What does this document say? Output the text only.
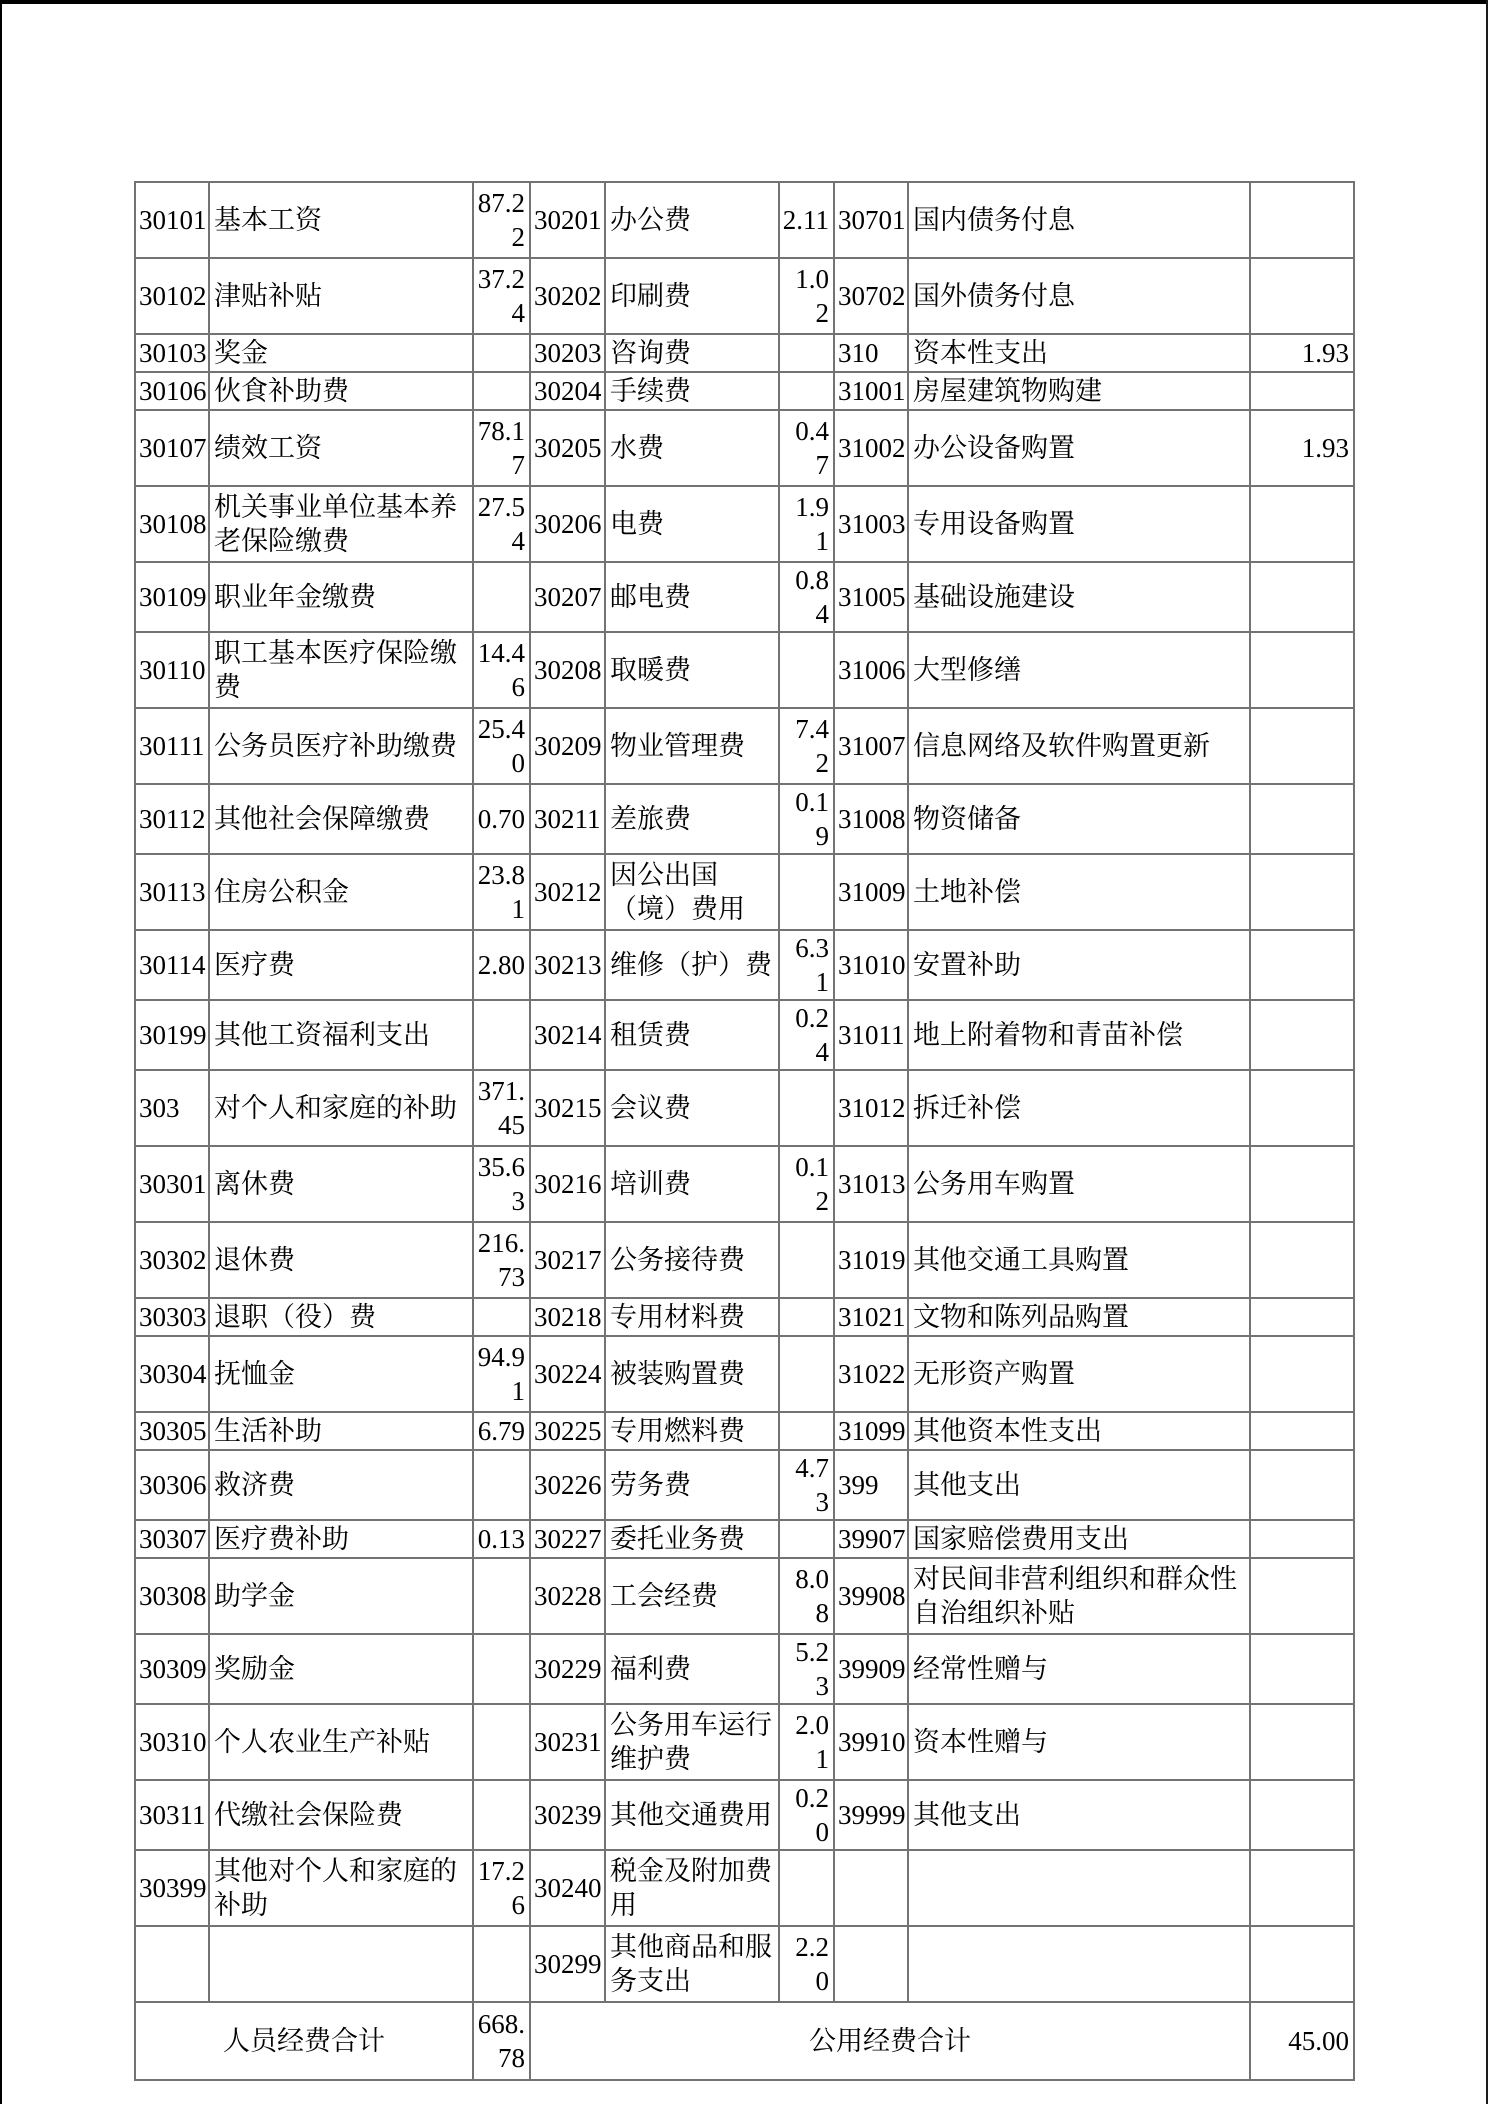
30101	基本工资	87.22	30201	办公费	2.11	30701	国内债务付息	
30102	津贴补贴	37.24	30202	印刷费	1.02	30702	国外债务付息	
30103	奖金		30203	咨询费		310	资本性支出	1.93
30106	伙食补助费		30204	手续费		31001	房屋建筑物购建	
30107	绩效工资	78.17	30205	水费	0.47	31002	办公设备购置	1.93
30108	机关事业单位基本养老保险缴费	27.54	30206	电费	1.91	31003	专用设备购置	
30109	职业年金缴费		30207	邮电费	0.84	31005	基础设施建设	
30110	职工基本医疗保险缴费	14.46	30208	取暖费		31006	大型修缮	
30111	公务员医疗补助缴费	25.40	30209	物业管理费	7.42	31007	信息网络及软件购置更新	
30112	其他社会保障缴费	0.70	30211	差旅费	0.19	31008	物资储备	
30113	住房公积金	23.81	30212	因公出国（境）费用		31009	土地补偿	
30114	医疗费	2.80	30213	维修（护）费	6.31	31010	安置补助	
30199	其他工资福利支出		30214	租赁费	0.24	31011	地上附着物和青苗补偿	
303	对个人和家庭的补助	371.45	30215	会议费		31012	拆迁补偿	
30301	离休费	35.63	30216	培训费	0.12	31013	公务用车购置	
30302	退休费	216.73	30217	公务接待费		31019	其他交通工具购置	
30303	退职（役）费		30218	专用材料费		31021	文物和陈列品购置	
30304	抚恤金	94.91	30224	被装购置费		31022	无形资产购置	
30305	生活补助	6.79	30225	专用燃料费		31099	其他资本性支出	
30306	救济费		30226	劳务费	4.73	399	其他支出	
30307	医疗费补助	0.13	30227	委托业务费		39907	国家赔偿费用支出	
30308	助学金		30228	工会经费	8.08	39908	对民间非营利组织和群众性自治组织补贴	
30309	奖励金		30229	福利费	5.23	39909	经常性赠与	
30310	个人农业生产补贴		30231	公务用车运行维护费	2.01	39910	资本性赠与	
30311	代缴社会保险费		30239	其他交通费用	0.20	39999	其他支出	
30399	其他对个人和家庭的补助	17.26	30240	税金及附加费用				
			30299	其他商品和服务支出	2.20			
人员经费合计		668.78	公用经费合计					45.00
